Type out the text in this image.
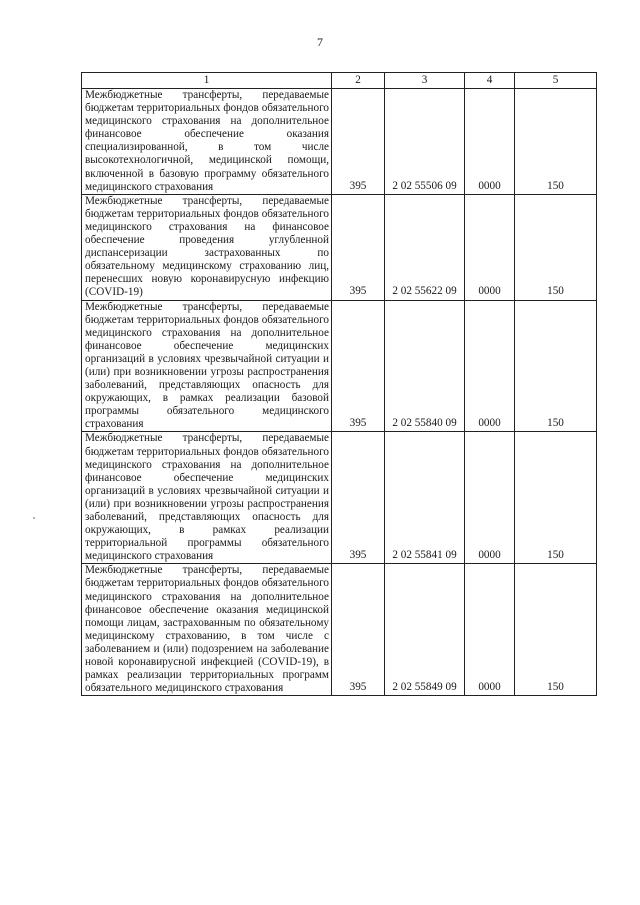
7
1	2	3	4	5
Межбюджетные трансферты, передаваемые бюджетам территориальных фондов обязательного медицинского страхования на дополнительное финансовое обеспечение оказания специализированной, в том числе высокотехнологичной, медицинской помощи, включенной в базовую программу обязательного медицинского страхования	395	2 02 55506 09	0000	150
Межбюджетные трансферты, передаваемые бюджетам территориальных фондов обязательного медицинского страхования на финансовое обеспечение проведения углубленной диспансеризации застрахованных по обязательному медицинскому страхованию лиц, перенесших новую коронавирусную инфекцию (COVID-19)	395	2 02 55622 09	0000	150
Межбюджетные трансферты, передаваемые бюджетам территориальных фондов обязательного медицинского страхования на дополнительное финансовое обеспечение медицинских организаций в условиях чрезвычайной ситуации и (или) при возникновении угрозы распространения заболеваний, представляющих опасность для окружающих, в рамках реализации базовой программы обязательного медицинского страхования	395	2 02 55840 09	0000	150
Межбюджетные трансферты, передаваемые бюджетам территориальных фондов обязательного медицинского страхования на дополнительное финансовое обеспечение медицинских организаций в условиях чрезвычайной ситуации и (или) при возникновении угрозы распространения заболеваний, представляющих опасность для окружающих, в рамках реализации территориальной программы обязательного медицинского страхования	395	2 02 55841 09	0000	150
Межбюджетные трансферты, передаваемые бюджетам территориальных фондов обязательного медицинского страхования на дополнительное финансовое обеспечение оказания медицинской помощи лицам, застрахованным по обязательному медицинскому страхованию, в том числе с заболеванием и (или) подозрением на заболевание новой коронавирусной инфекцией (COVID-19), в рамках реализации территориальных программ обязательного медицинского страхования	395	2 02 55849 09	0000	150
